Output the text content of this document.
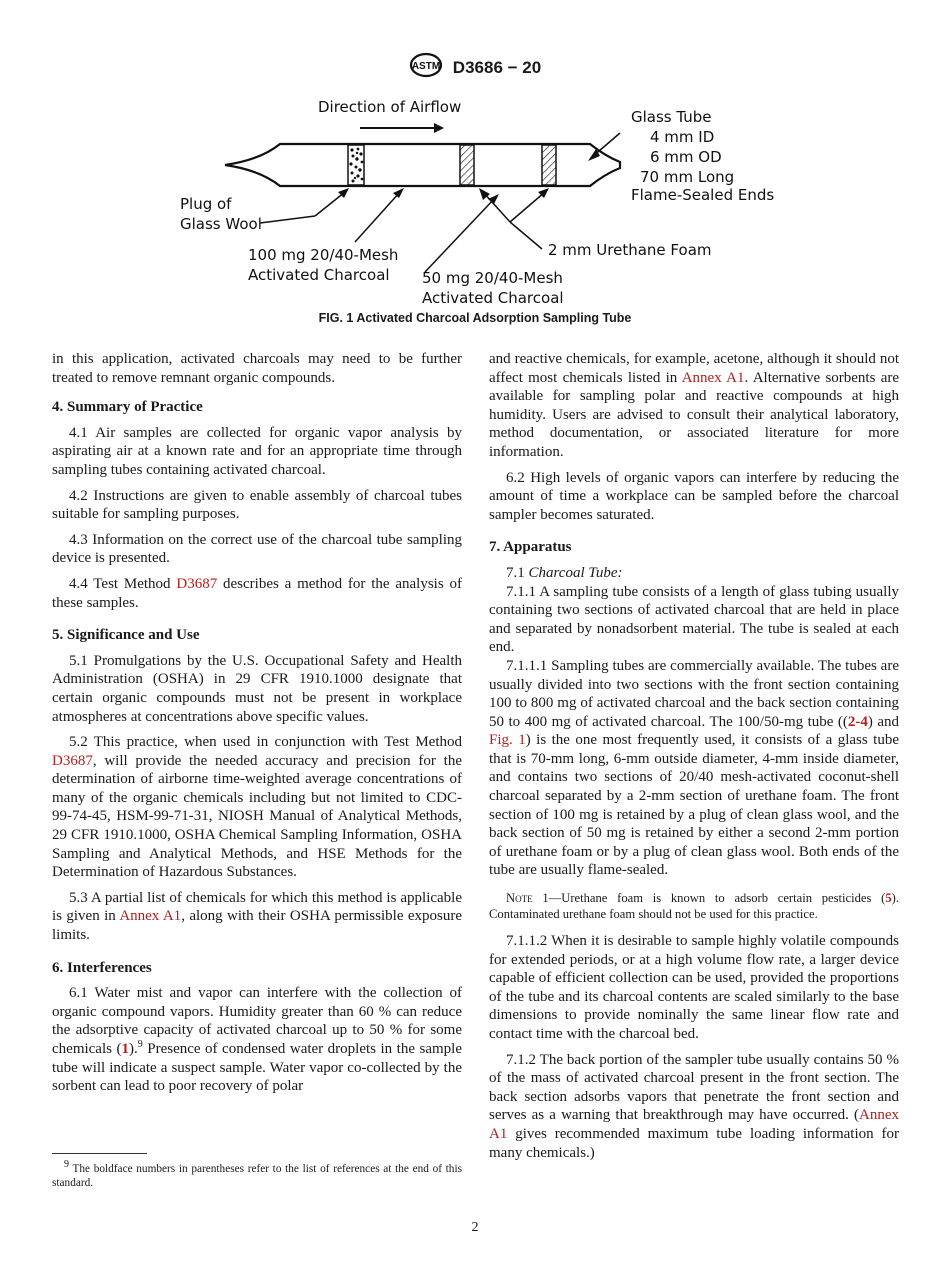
ASTM D3686 − 20
Direction of Airflow
Glass Tube
4 mm ID
6 mm OD
70 mm Long
Flame-Sealed Ends
Plug of
Glass Wool
100 mg 20/40-Mesh
Activated Charcoal 50 mg 20/40-Mesh
Activated Charcoal
2 mm Urethane Foam
FIG. 1 Activated Charcoal Adsorption Sampling Tube

in this application, activated charcoals may need to be further treated to remove remnant organic compounds.

4. Summary of Practice

4.1 Air samples are collected for organic vapor analysis by aspirating air at a known rate and for an appropriate time through sampling tubes containing activated charcoal.

4.2 Instructions are given to enable assembly of charcoal tubes suitable for sampling purposes.

4.3 Information on the correct use of the charcoal tube sampling device is presented.

4.4 Test Method D3687 describes a method for the analysis of these samples.

5. Significance and Use

5.1 Promulgations by the U.S. Occupational Safety and Health Administration (OSHA) in 29 CFR 1910.1000 designate that certain organic compounds must not be present in workplace atmospheres at concentrations above specific values.

5.2 This practice, when used in conjunction with Test Method D3687, will provide the needed accuracy and precision for the determination of airborne time-weighted average concentrations of many of the organic chemicals including but not limited to CDC-99-74-45, HSM-99-71-31, NIOSH Manual of Analytical Methods, 29 CFR 1910.1000, OSHA Chemical Sampling Information, OSHA Sampling and Analytical Methods, and HSE Methods for the Determination of Hazardous Substances.

5.3 A partial list of chemicals for which this method is applicable is given in Annex A1, along with their OSHA permissible exposure limits.

6. Interferences

6.1 Water mist and vapor can interfere with the collection of organic compound vapors. Humidity greater than 60 % can reduce the adsorptive capacity of activated charcoal up to 50 % for some chemicals (1).$^9$ Presence of condensed water droplets in the sample tube will indicate a suspect sample. Water vapor co-collected by the sorbent can lead to poor recovery of polar

and reactive chemicals, for example, acetone, although it should not affect most chemicals listed in Annex A1. Alternative sorbents are available for sampling polar and reactive compounds at high humidity. Users are advised to consult their analytical laboratory, method documentation, or associated literature for more information.

6.2 High levels of organic vapors can interfere by reducing the amount of time a workplace can be sampled before the charcoal sampler becomes saturated.

7. Apparatus

7.1 Charcoal Tube:

7.1.1 A sampling tube consists of a length of glass tubing usually containing two sections of activated charcoal that are held in place and separated by nonadsorbent material. The tube is sealed at each end.

7.1.1.1 Sampling tubes are commercially available. The tubes are usually divided into two sections with the front section containing 100 to 800 mg of activated charcoal and the back section containing 50 to 400 mg of activated charcoal. The 100/50-mg tube ((2-4) and Fig. 1) is the one most frequently used, it consists of a glass tube that is 70-mm long, 6-mm outside diameter, 4-mm inside diameter, and contains two sections of 20/40 mesh-activated coconut-shell charcoal separated by a 2-mm section of urethane foam. The front section of 100 mg is retained by a plug of clean glass wool, and the back section of 50 mg is retained by either a second 2-mm portion of urethane foam or by a plug of clean glass wool. Both ends of the tube are usually flame-sealed.

Note 1—Urethane foam is known to adsorb certain pesticides (5). Contaminated urethane foam should not be used for this practice.

7.1.1.2 When it is desirable to sample highly volatile compounds for extended periods, or at a high volume flow rate, a larger device capable of efficient collection can be used, provided the proportions of the tube and its charcoal contents are scaled similarly to the base dimensions to provide nominally the same linear flow rate and contact time with the charcoal bed.

7.1.2 The back portion of the sampler tube usually contains 50 % of the mass of activated charcoal present in the front section. The back section adsorbs vapors that penetrate the front section and serves as a warning that breakthrough may have occurred. (Annex A1 gives recommended maximum tube loading information for many chemicals.)

$^9$ The boldface numbers in parentheses refer to the list of references at the end of this standard.
2
